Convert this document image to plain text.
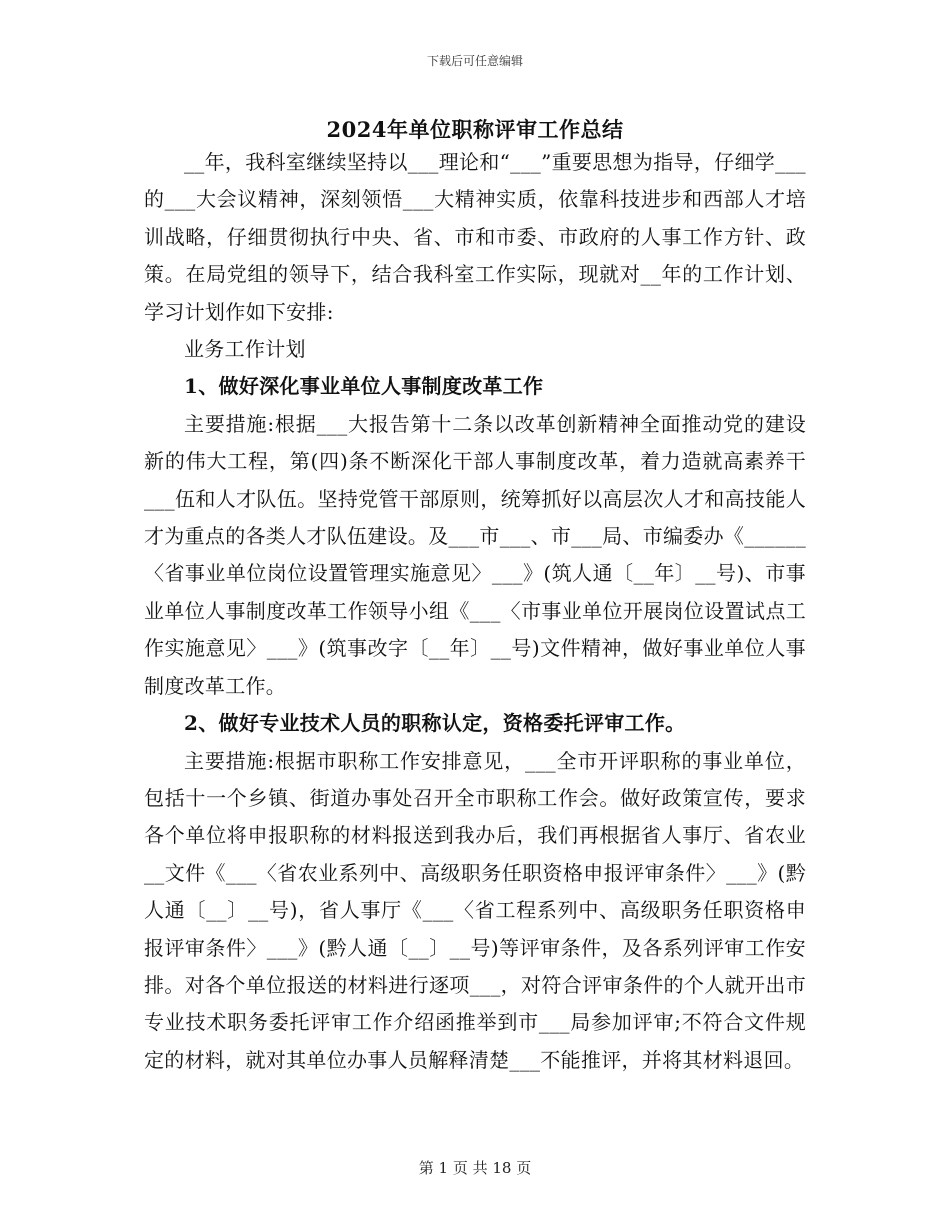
下载后可任意编辑
2024年单位职称评审工作总结

__年，我科室继续坚持以___理论和“___”重要思想为指导，仔细学___的___大会议精神，深刻领悟___大精神实质，依靠科技进步和西部人才培训战略，仔细贯彻执行中央、省、市和市委、市政府的人事工作方针、政策。在局党组的领导下，结合我科室工作实际，现就对__年的工作计划、学习计划作如下安排:

业务工作计划

1、做好深化事业单位人事制度改革工作

主要措施:根据___大报告第十二条以改革创新精神全面推动党的建设新的伟大工程，第(四)条不断深化干部人事制度改革，着力造就高素养干___伍和人才队伍。坚持党管干部原则，统筹抓好以高层次人才和高技能人才为重点的各类人才队伍建设。及___市___、市___局、市编委办《______〈省事业单位岗位设置管理实施意见〉___》(筑人通〔__年〕__号)、市事业单位人事制度改革工作领导小组《___〈市事业单位开展岗位设置试点工作实施意见〉___》(筑事改字〔__年〕__号)文件精神，做好事业单位人事制度改革工作。

2、做好专业技术人员的职称认定，资格委托评审工作。

主要措施:根据市职称工作安排意见，___全市开评职称的事业单位，包括十一个乡镇、街道办事处召开全市职称工作会。做好政策宣传，要求各个单位将申报职称的材料报送到我办后，我们再根据省人事厅、省农业__文件《___〈省农业系列中、高级职务任职资格申报评审条件〉___》(黔人通〔__〕__号)，省人事厅《___〈省工程系列中、高级职务任职资格申报评审条件〉___》(黔人通〔__〕__号)等评审条件，及各系列评审工作安排。对各个单位报送的材料进行逐项___，对符合评审条件的个人就开出市专业技术职务委托评审工作介绍函推举到市___局参加评审;不符合文件规定的材料，就对其单位办事人员解释清楚___不能推评，并将其材料退回。

第 1 页 共 18 页
